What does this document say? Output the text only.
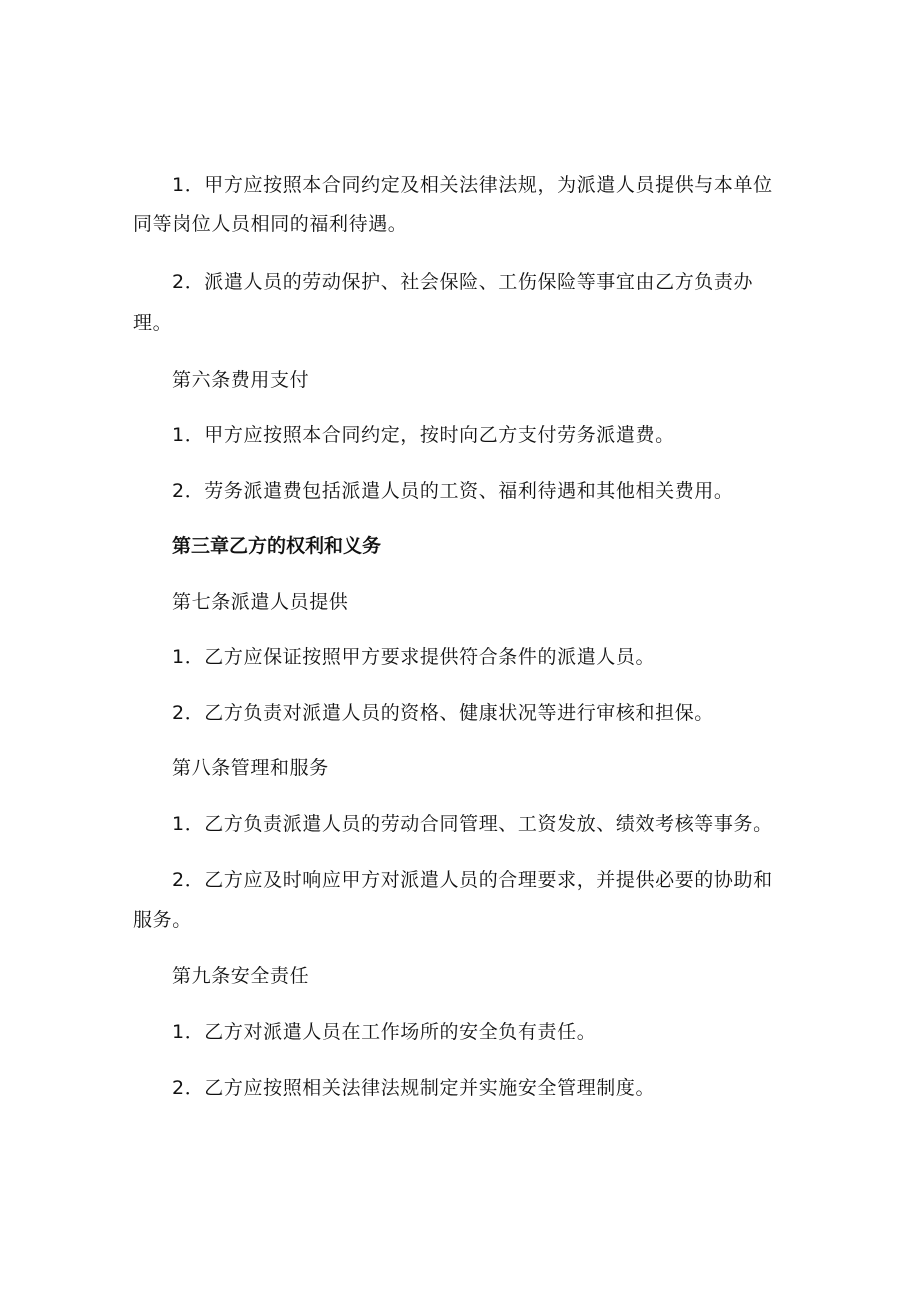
1．甲方应按照本合同约定及相关法律法规，为派遣人员提供与本单位
同等岗位人员相同的福利待遇。
2．派遣人员的劳动保护、社会保险、工伤保险等事宜由乙方负责办
理。
第六条费用支付
1．甲方应按照本合同约定，按时向乙方支付劳务派遣费。
2．劳务派遣费包括派遣人员的工资、福利待遇和其他相关费用。
第三章乙方的权利和义务
第七条派遣人员提供
1．乙方应保证按照甲方要求提供符合条件的派遣人员。
2．乙方负责对派遣人员的资格、健康状况等进行审核和担保。
第八条管理和服务
1．乙方负责派遣人员的劳动合同管理、工资发放、绩效考核等事务。
2．乙方应及时响应甲方对派遣人员的合理要求，并提供必要的协助和
服务。
第九条安全责任
1．乙方对派遣人员在工作场所的安全负有责任。
2．乙方应按照相关法律法规制定并实施安全管理制度。
